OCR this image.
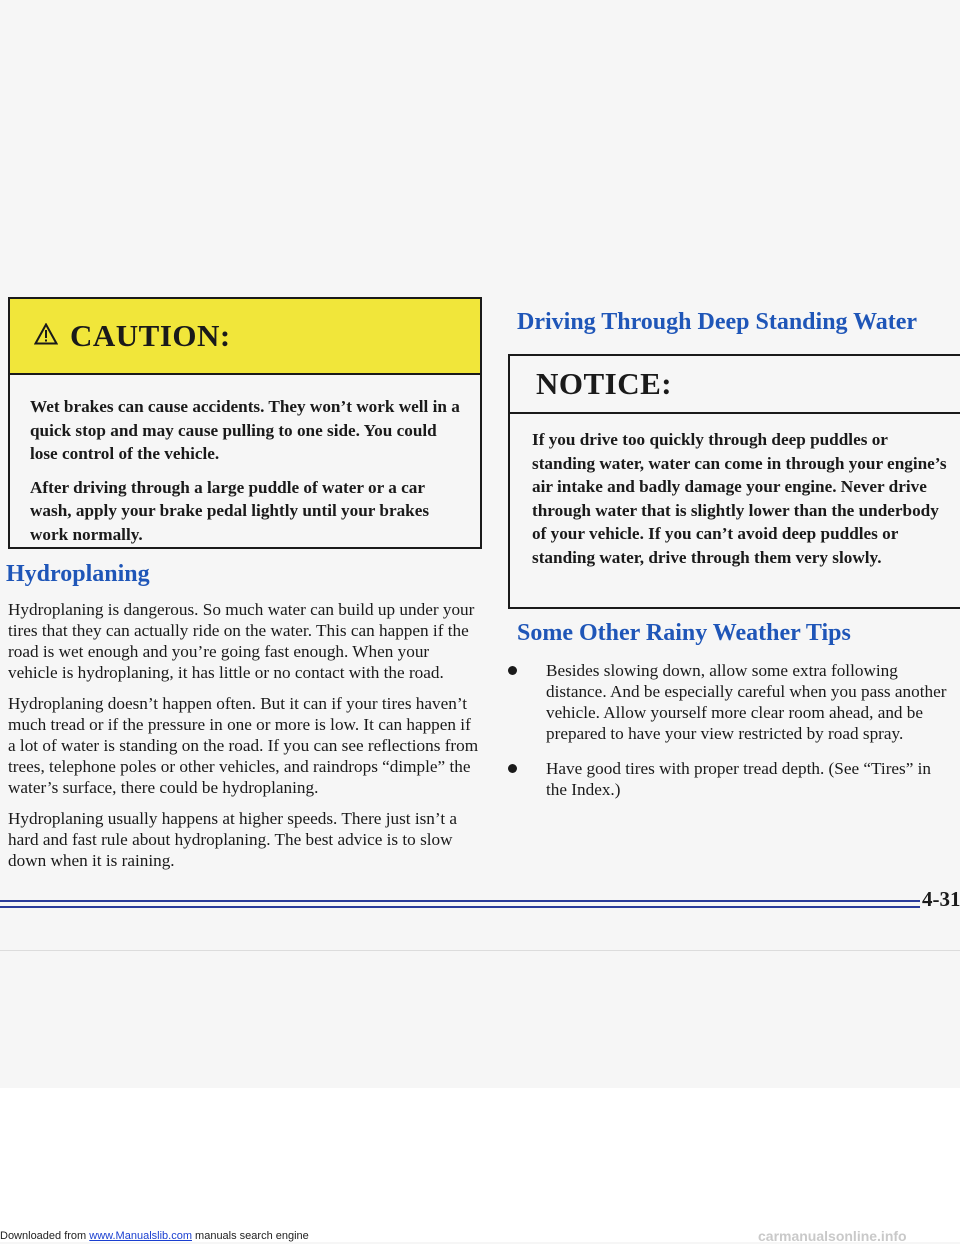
CAUTION:

Wet brakes can cause accidents. They won’t work well in a quick stop and may cause pulling to one side. You could lose control of the vehicle.

After driving through a large puddle of water or a car wash, apply your brake pedal lightly until your brakes work normally.

Hydroplaning

Hydroplaning is dangerous. So much water can build up under your tires that they can actually ride on the water. This can happen if the road is wet enough and you’re going fast enough. When your vehicle is hydroplaning, it has little or no contact with the road.

Hydroplaning doesn’t happen often. But it can if your tires haven’t much tread or if the pressure in one or more is low. It can happen if a lot of water is standing on the road. If you can see reflections from trees, telephone poles or other vehicles, and raindrops “dimple” the water’s surface, there could be hydroplaning.

Hydroplaning usually happens at higher speeds. There just isn’t a hard and fast rule about hydroplaning. The best advice is to slow down when it is raining.

Driving Through Deep Standing Water
NOTICE:

If you drive too quickly through deep puddles or standing water, water can come in through your engine’s air intake and badly damage your engine. Never drive through water that is slightly lower than the underbody of your vehicle. If you can’t avoid deep puddles or standing water, drive through them very slowly.

Some Other Rainy Weather Tips
Besides slowing down, allow some extra following distance. And be especially careful when you pass another vehicle. Allow yourself more clear room ahead, and be prepared to have your view restricted by road spray.
Have good tires with proper tread depth. (See “Tires” in the Index.)
4-31
Downloaded from www.Manualslib.com manuals search engine	carmanualsonline.info
